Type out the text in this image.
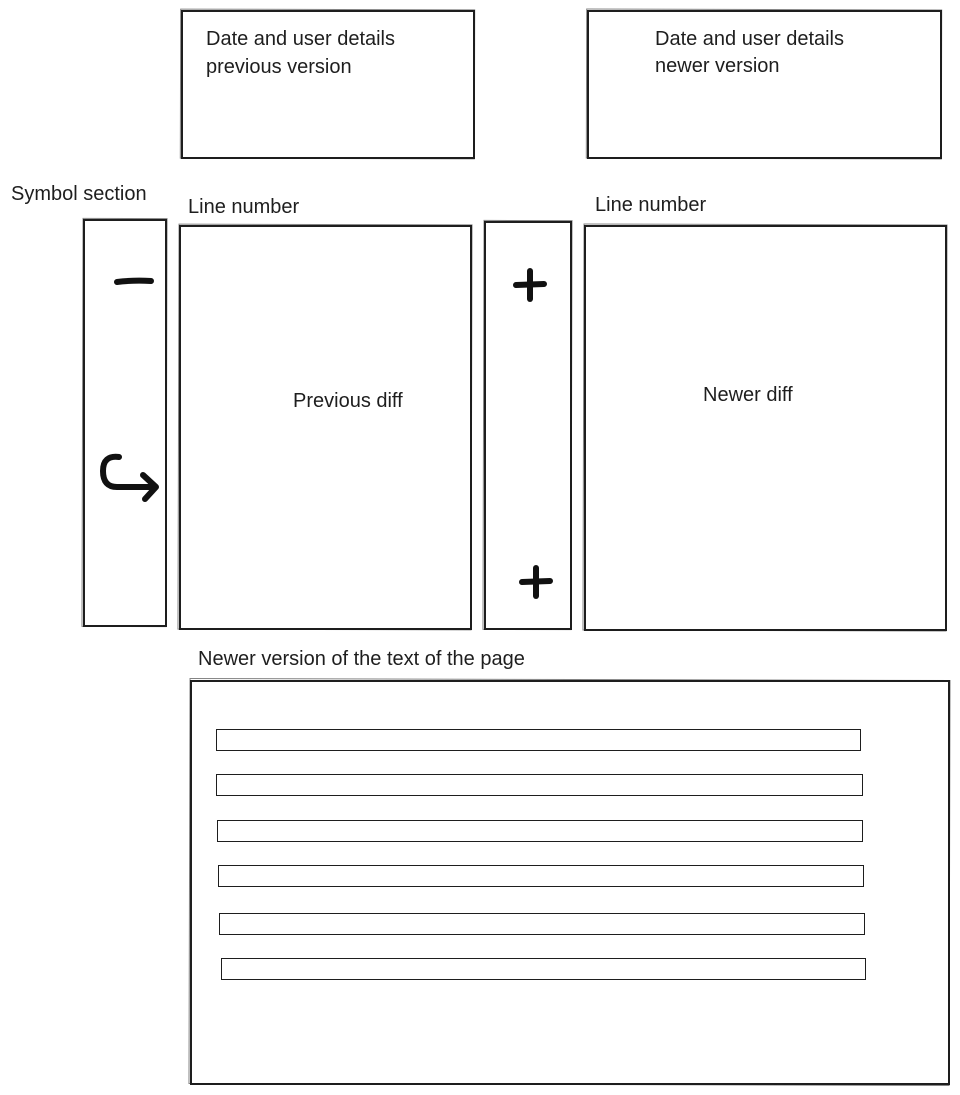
Date and user details
previous version
Date and user details
newer version
Symbol section
Line number	Line number
Previous diff	Newer diff
Newer version of the text of the page
